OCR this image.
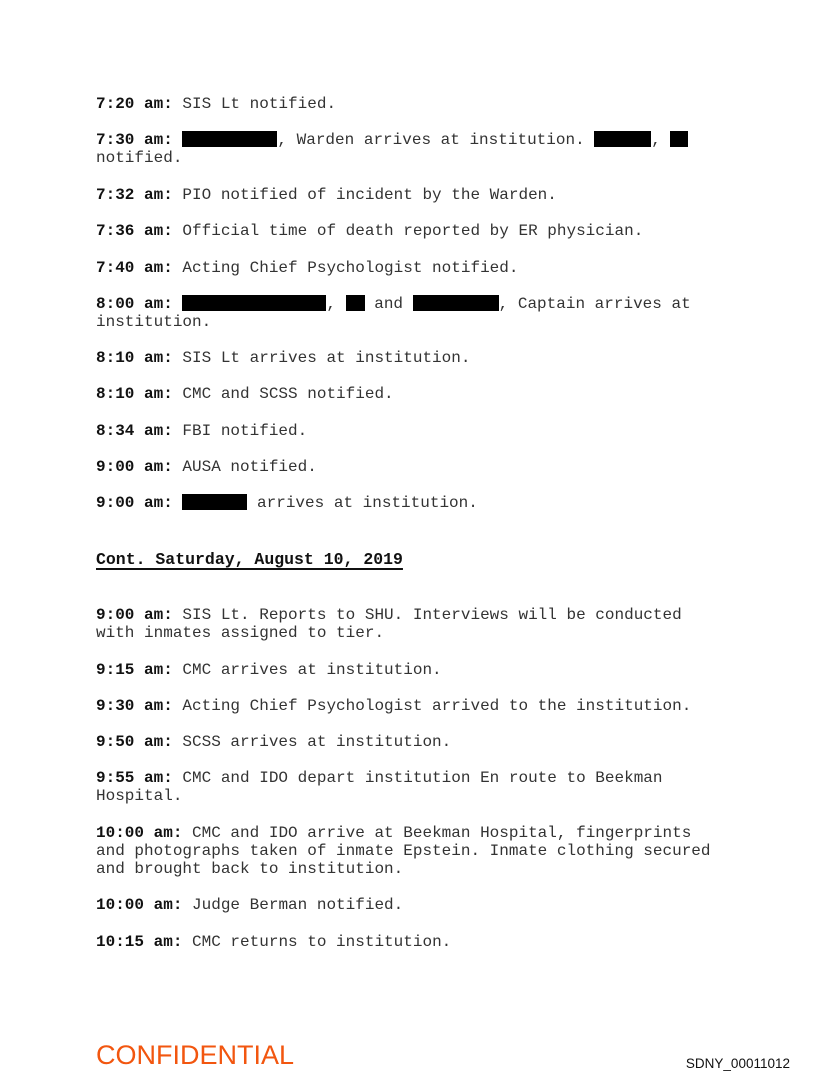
7:20 am: SIS Lt notified.
7:30 am:	, Warden arrives at institution.	,
notified.
7:32 am: PIO notified of incident by the Warden.
7:36 am: Official time of death reported by ER physician.
7:40 am: Acting Chief Psychologist notified.
8:00 am:	,  and	, Captain arrives at
institution.
8:10 am: SIS Lt arrives at institution.
8:10 am: CMC and SCSS notified.
8:34 am: FBI notified.
9:00 am: AUSA notified.
9:00 am:	arrives at institution.
Cont. Saturday, August 10, 2019
9:00 am: SIS Lt. Reports to SHU. Interviews will be conducted
with inmates assigned to tier.
9:15 am: CMC arrives at institution.
9:30 am: Acting Chief Psychologist arrived to the institution.
9:50 am: SCSS arrives at institution.
9:55 am: CMC and IDO depart institution En route to Beekman
Hospital.
10:00 am: CMC and IDO arrive at Beekman Hospital, fingerprints
and photographs taken of inmate Epstein. Inmate clothing secured
and brought back to institution.
10:00 am: Judge Berman notified.
10:15 am: CMC returns to institution.
CONFIDENTIAL	SDNY_00011012
